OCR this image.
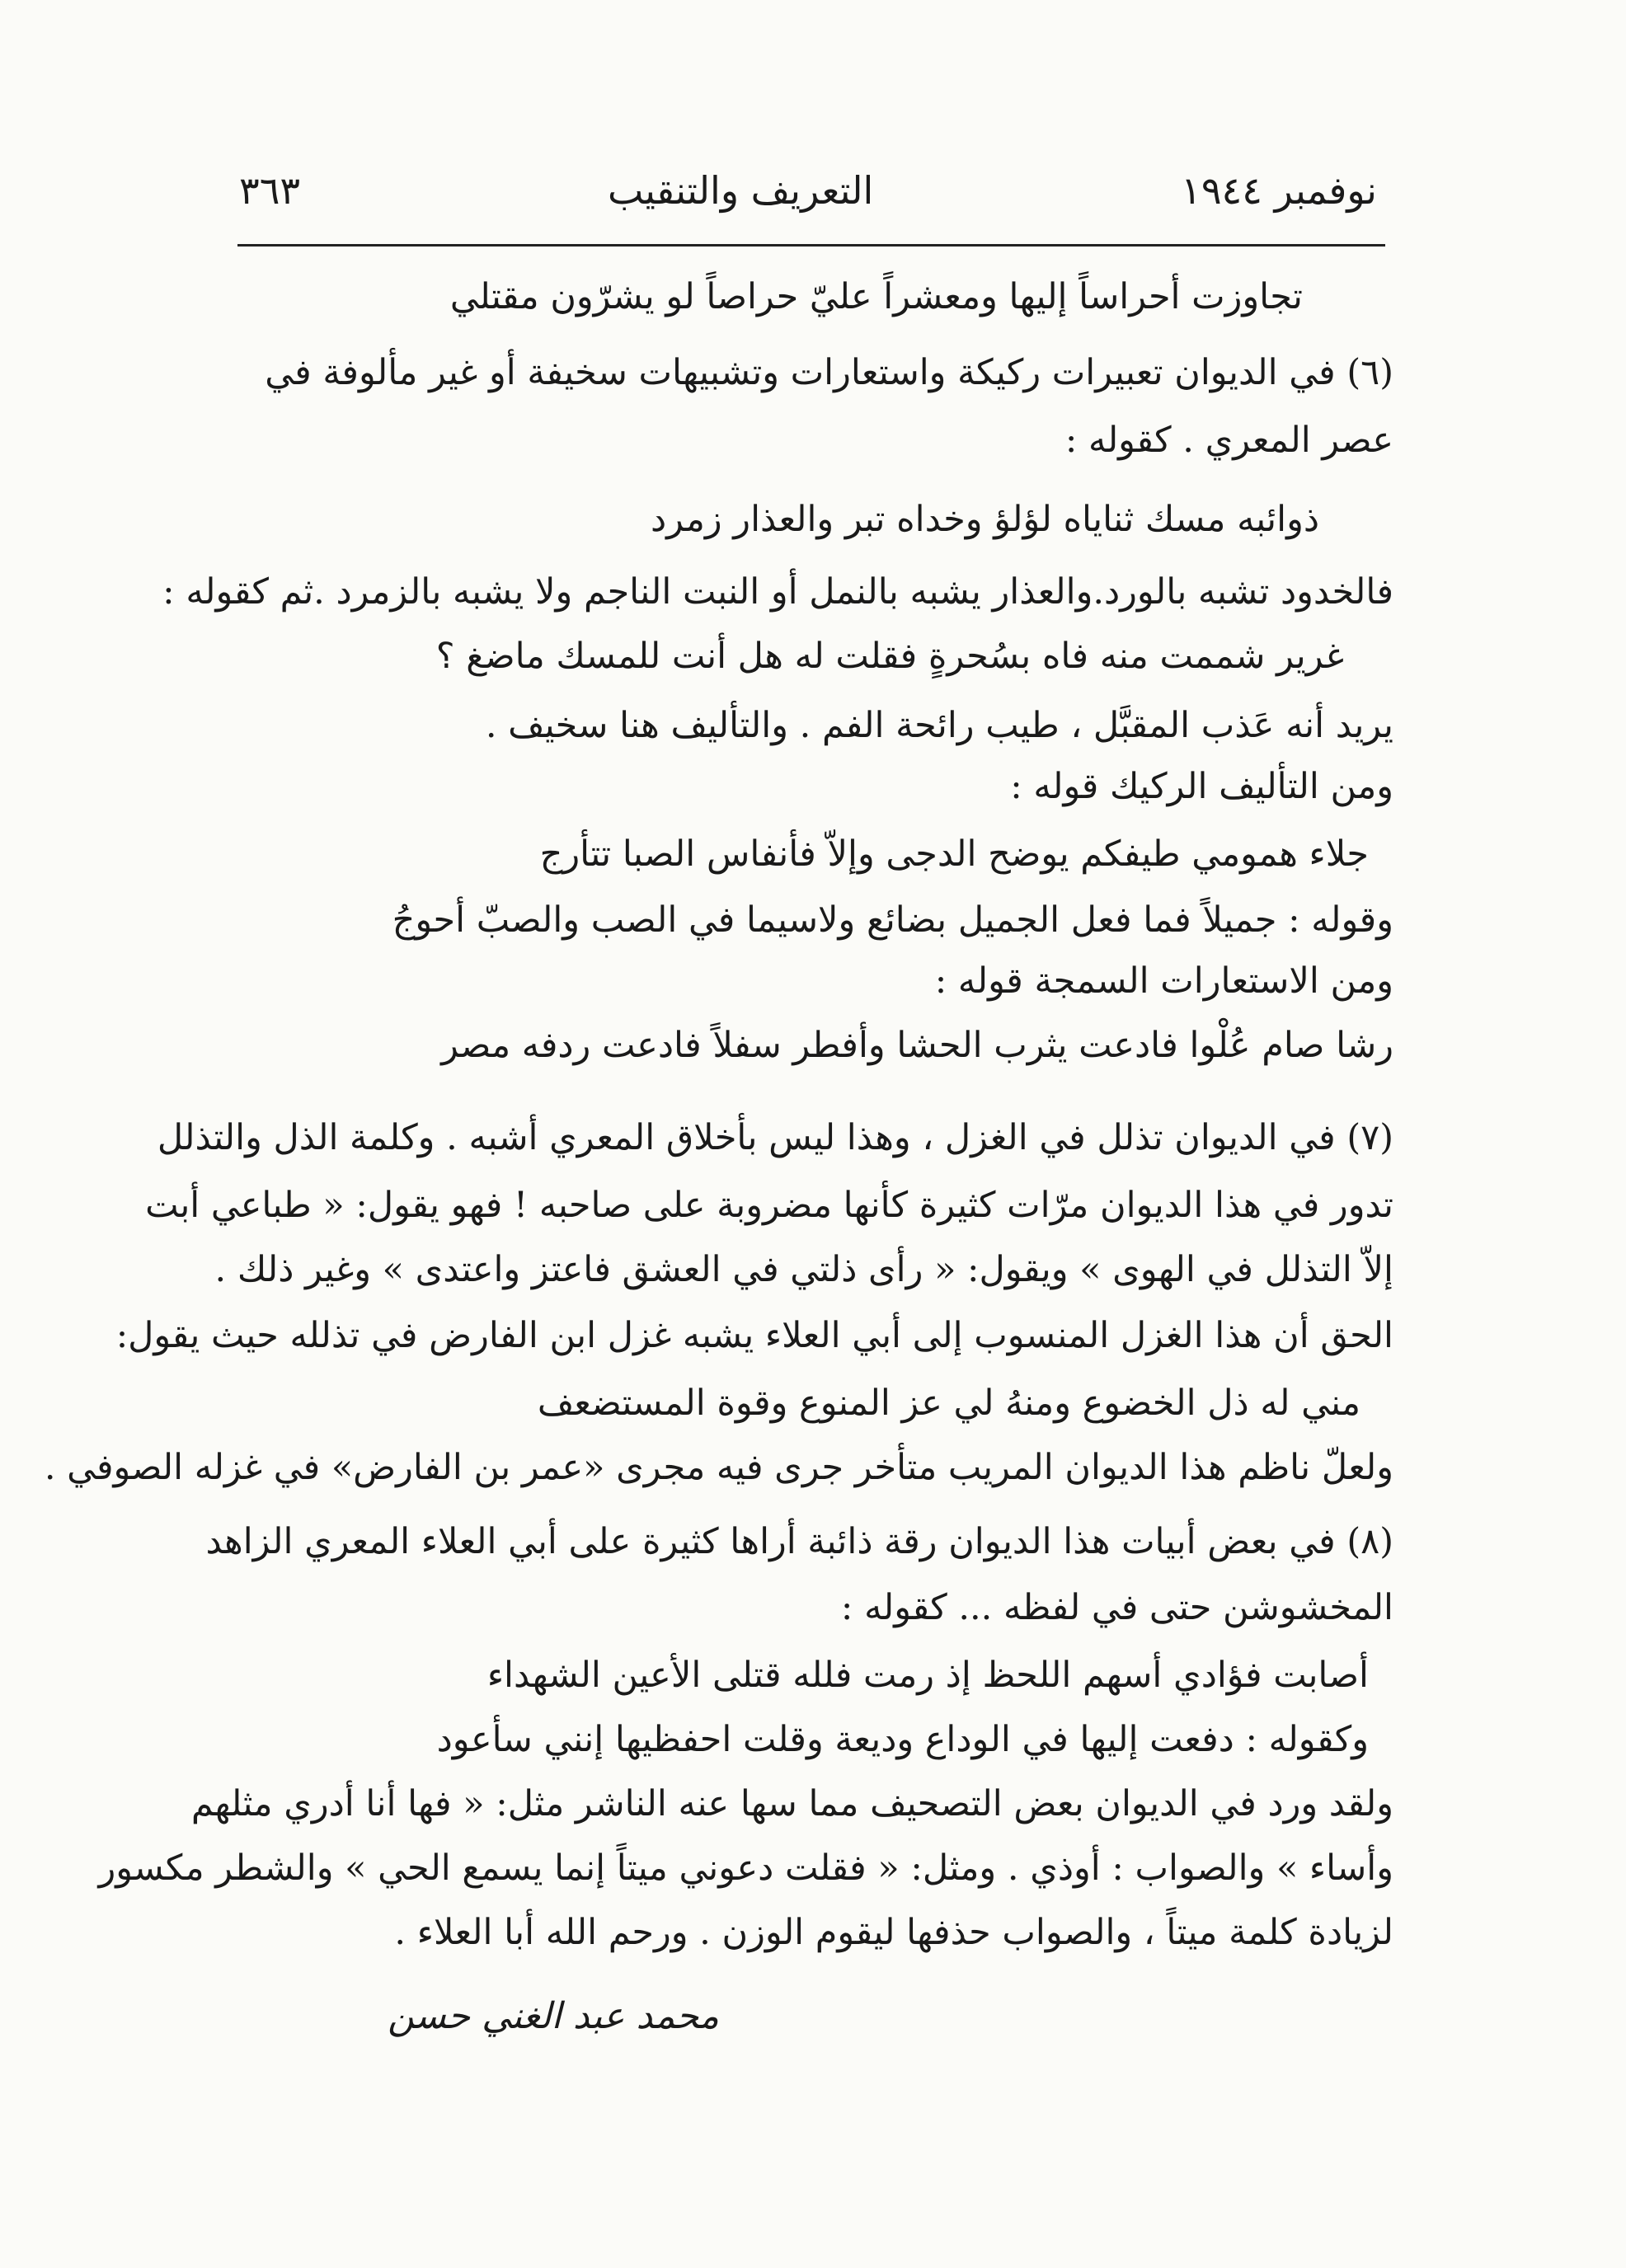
نوفمبر ١٩٤٤
التعريف والتنقيب
٣٦٣
تجاوزت أحراساً إليها ومعشراً عليّ حراصاً لو يشرّون مقتلي
(٦) في الديوان تعبيرات ركيكة واستعارات وتشبيهات سخيفة أو غير مألوفة في
عصر المعري . كقوله :
ذوائبه مسك ثناياه لؤلؤ وخداه تبر والعذار زمرد
فالخدود تشبه بالورد.والعذار يشبه بالنمل أو النبت الناجم ولا يشبه بالزمرد .ثم كقوله :
غرير شممت منه فاه بسُحرةٍ فقلت له هل أنت للمسك ماضغ ؟
يريد أنه عَذب المقبَّل ، طيب رائحة الفم . والتأليف هنا سخيف .
ومن التأليف الركيك قوله :
جلاء همومي طيفكم يوضح الدجى وإلاّ فأنفاس الصبا تتأرج
وقوله : جميلاً فما فعل الجميل بضائع ولاسيما في الصب والصبّ أحوجُ
ومن الاستعارات السمجة قوله :
رشا صام عُلْوا فادعت يثرب الحشا وأفطر سفلاً فادعت ردفه مصر
(٧) في الديوان تذلل في الغزل ، وهذا ليس بأخلاق المعري أشبه . وكلمة الذل والتذلل
تدور في هذا الديوان مرّات كثيرة كأنها مضروبة على صاحبه ! فهو يقول: « طباعي أبت
إلاّ التذلل في الهوى » ويقول: « رأى ذلتي في العشق فاعتز واعتدى » وغير ذلك .
الحق أن هذا الغزل المنسوب إلى أبي العلاء يشبه غزل ابن الفارض في تذلله حيث يقول:
مني له ذل الخضوع ومنهُ لي عز المنوع وقوة المستضعف
ولعلّ ناظم هذا الديوان المريب متأخر جرى فيه مجرى «عمر بن الفارض» في غزله الصوفي .
(٨) في بعض أبيات هذا الديوان رقة ذائبة أراها كثيرة على أبي العلاء المعري الزاهد
المخشوشن حتى في لفظه ... كقوله :
أصابت فؤادي أسهم اللحظ إذ رمت فلله قتلى الأعين الشهداء
وكقوله : دفعت إليها في الوداع وديعة وقلت احفظيها إنني سأعود
ولقد ورد في الديوان بعض التصحيف مما سها عنه الناشر مثل: « فها أنا أدري مثلهم
وأساء » والصواب : أوذي . ومثل: « فقلت دعوني ميتاً إنما يسمع الحي » والشطر مكسور
لزيادة كلمة ميتاً ، والصواب حذفها ليقوم الوزن . ورحم الله أبا العلاء .
محمد عبد الغني حسن
